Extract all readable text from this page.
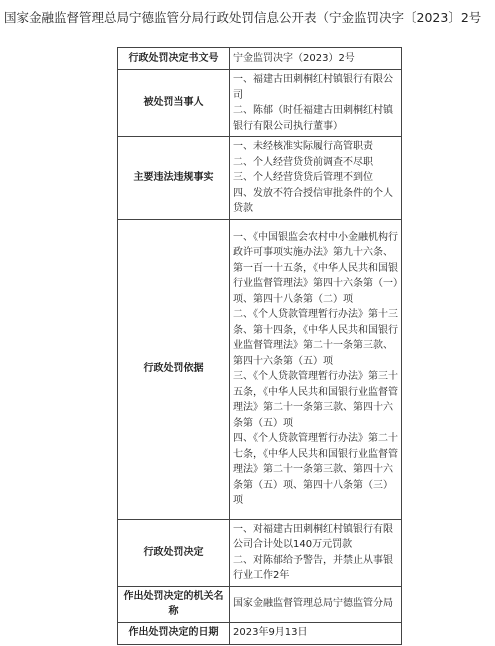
国家金融监督管理总局宁德监管分局行政处罚信息公开表（宁金监罚决字〔2023〕2号
行政处罚决定书文号	宁金监罚决字（2023）2号

被处罚当事人	一、福建古田刺桐红村镇银行有限公司
二、陈郁（时任福建古田刺桐红村镇银行有限公司执行董事）

主要违法违规事实	一、未经核准实际履行高管职责
二、个人经营贷贷前调查不尽职
三、个人经营贷贷后管理不到位
四、发放不符合授信审批条件的个人贷款

行政处罚依据	一、《中国银监会农村中小金融机构行政许可事项实施办法》第九十六条、第一百一十五条，《中华人民共和国银行业监督管理法》第四十六条第（一）项、第四十八条第（二）项
二、《个人贷款管理暂行办法》第十三条、第十四条，《中华人民共和国银行业监督管理法》第二十一条第三款、第四十六条第（五）项
三、《个人贷款管理暂行办法》第三十五条，《中华人民共和国银行业监督管理法》第二十一条第三款、第四十六条第（五）项
四、《个人贷款管理暂行办法》第二十七条，《中华人民共和国银行业监督管理法》第二十一条第三款、第四十六条第（五）项、第四十八条第（三）项

行政处罚决定	一、对福建古田刺桐红村镇银行有限公司合计处以140万元罚款
二、对陈郁给予警告，并禁止从事银行业工作2年

作出处罚决定的机关名称	国家金融监督管理总局宁德监管分局

作出处罚决定的日期	2023年9月13日
